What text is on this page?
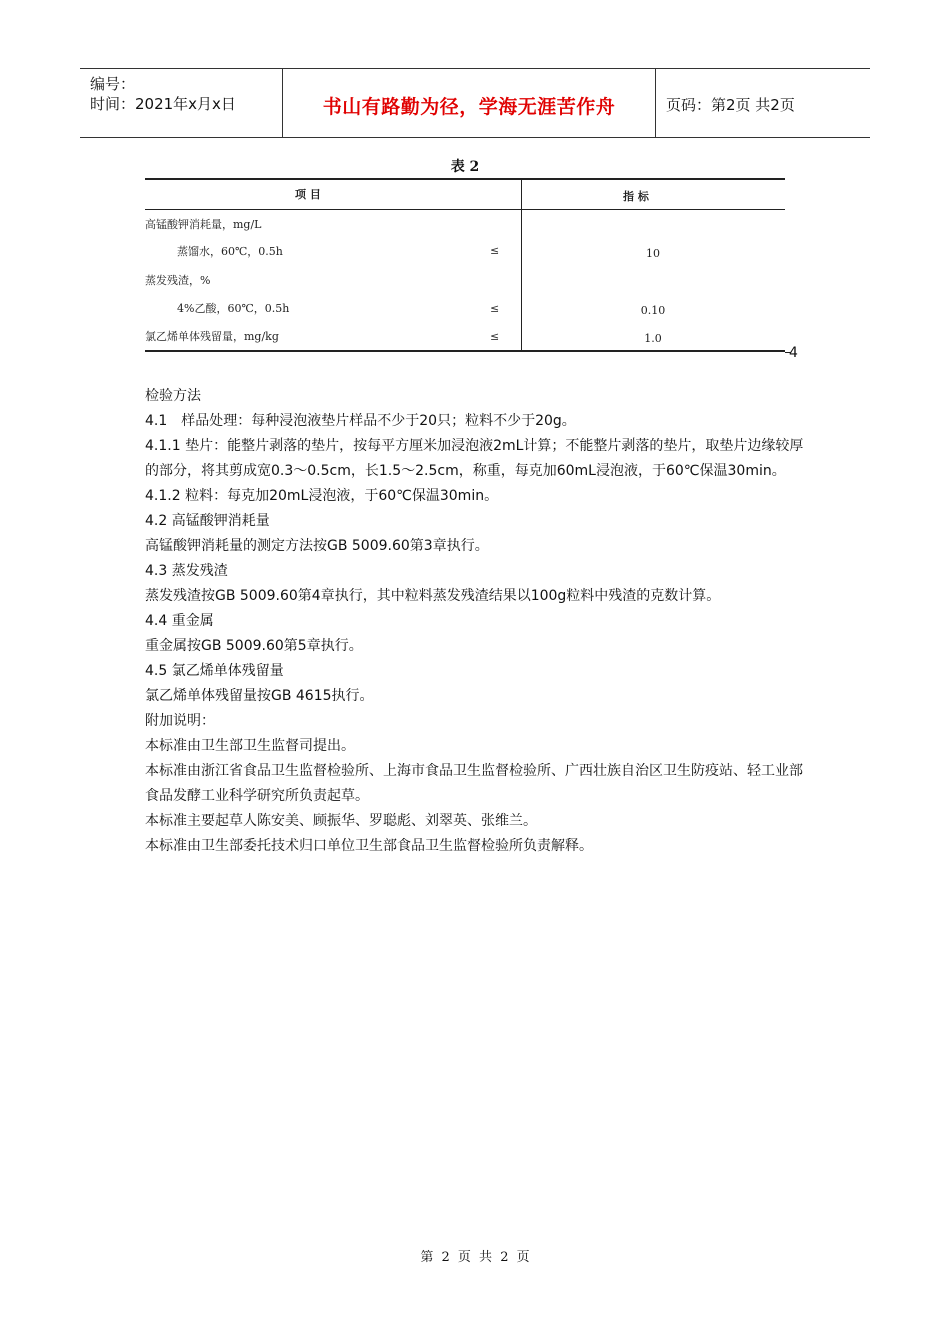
编号：
时间：2021年x月x日	书山有路勤为径，学海无涯苦作舟	页码：第2页 共2页
表 2
项 目	指 标
高锰酸钾消耗量，mg/L
蒸馏水，60℃，0.5h	≤	10
蒸发残渣，%
4%乙酸，60℃，0.5h	≤	0.10
氯乙烯单体残留量，mg/kg	≤	1.0
4

检验方法

4.1　样品处理：每种浸泡液垫片样品不少于20只；粒料不少于20g。

4.1.1 垫片：能整片剥落的垫片，按每平方厘米加浸泡液2mL计算；不能整片剥落的垫片，取垫片边缘较厚的部分，将其剪成宽0.3～0.5cm，长1.5～2.5cm，称重，每克加60mL浸泡液，于60℃保温30min。

4.1.2 粒料：每克加20mL浸泡液，于60℃保温30min。

4.2 高锰酸钾消耗量

高锰酸钾消耗量的测定方法按GB 5009.60第3章执行。

4.3 蒸发残渣

蒸发残渣按GB 5009.60第4章执行，其中粒料蒸发残渣结果以100g粒料中残渣的克数计算。

4.4 重金属

重金属按GB 5009.60第5章执行。

4.5 氯乙烯单体残留量

氯乙烯单体残留量按GB 4615执行。

附加说明：

本标准由卫生部卫生监督司提出。

本标准由浙江省食品卫生监督检验所、上海市食品卫生监督检验所、广西壮族自治区卫生防疫站、轻工业部食品发酵工业科学研究所负责起草。

本标准主要起草人陈安美、顾振华、罗聪彪、刘翠英、张维兰。

本标准由卫生部委托技术归口单位卫生部食品卫生监督检验所负责解释。

第 2 页 共 2 页
